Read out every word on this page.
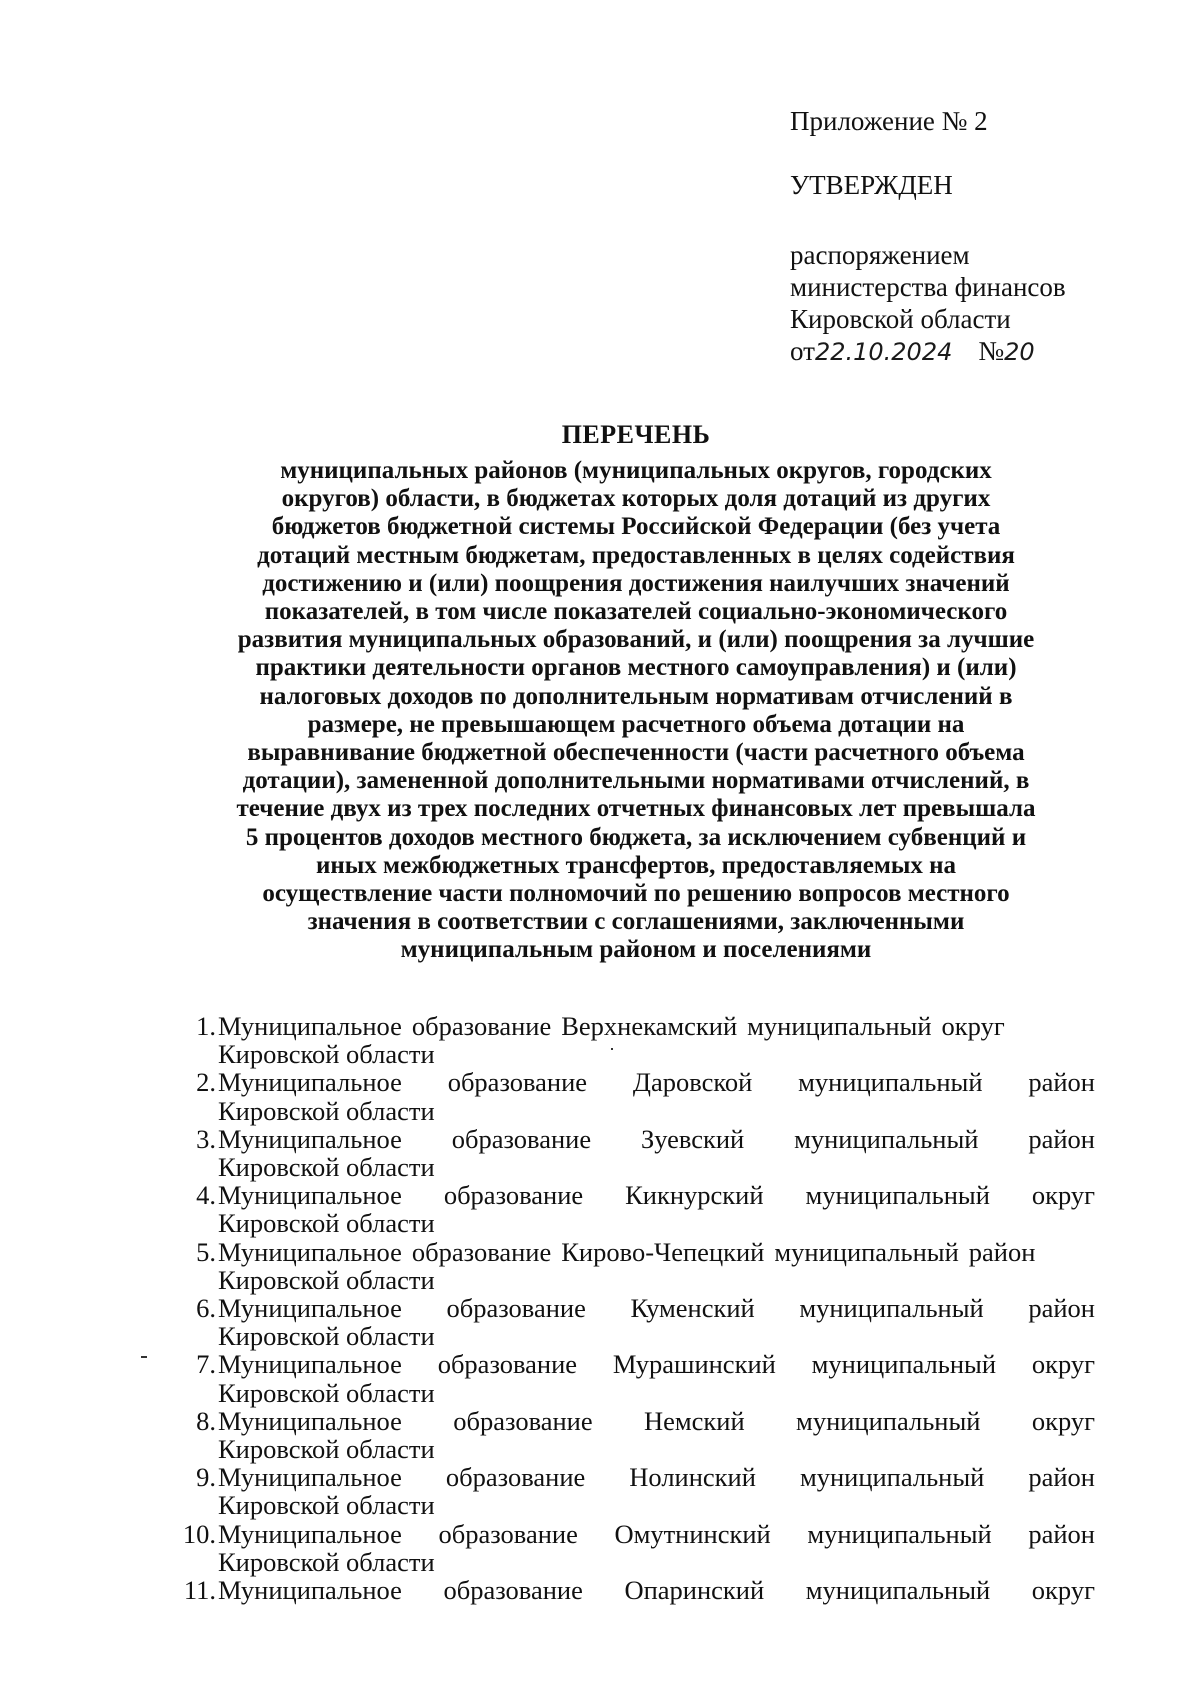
Приложение № 2
УТВЕРЖДЕН
распоряжением
министерства финансов
Кировской области
от22.10.2024 №20
ПЕРЕЧЕНЬ
муниципальных районов (муниципальных округов, городских
округов) области, в бюджетах которых доля дотаций из других
бюджетов бюджетной системы Российской Федерации (без учета
дотаций местным бюджетам, предоставленных в целях содействия
достижению и (или) поощрения достижения наилучших значений
показателей, в том числе показателей социально-экономического
развития муниципальных образований, и (или) поощрения за лучшие
практики деятельности органов местного самоуправления) и (или)
налоговых доходов по дополнительным нормативам отчислений в
размере, не превышающем расчетного объема дотации на
выравнивание бюджетной обеспеченности (части расчетного объема
дотации), замененной дополнительными нормативами отчислений, в
течение двух из трех последних отчетных финансовых лет превышала
5 процентов доходов местного бюджета, за исключением субвенций и
иных межбюджетных трансфертов, предоставляемых на
осуществление части полномочий по решению вопросов местного
значения в соответствии с соглашениями, заключенными
муниципальным районом и поселениями
1. Муниципальное образование Верхнекамский муниципальный округ
Кировской области
2. Муниципальное образование Даровской муниципальный район
Кировской области
3. Муниципальное образование Зуевский муниципальный район
Кировской области
4. Муниципальное образование Кикнурский муниципальный округ
Кировской области
5. Муниципальное образование Кирово-Чепецкий муниципальный район
Кировской области
6. Муниципальное образование Куменский муниципальный район
Кировской области
7. Муниципальное образование Мурашинский муниципальный округ
Кировской области
8. Муниципальное образование Немский муниципальный округ
Кировской области
9. Муниципальное образование Нолинский муниципальный район
Кировской области
10. Муниципальное образование Омутнинский муниципальный район
Кировской области
11. Муниципальное образование Опаринский муниципальный округ
